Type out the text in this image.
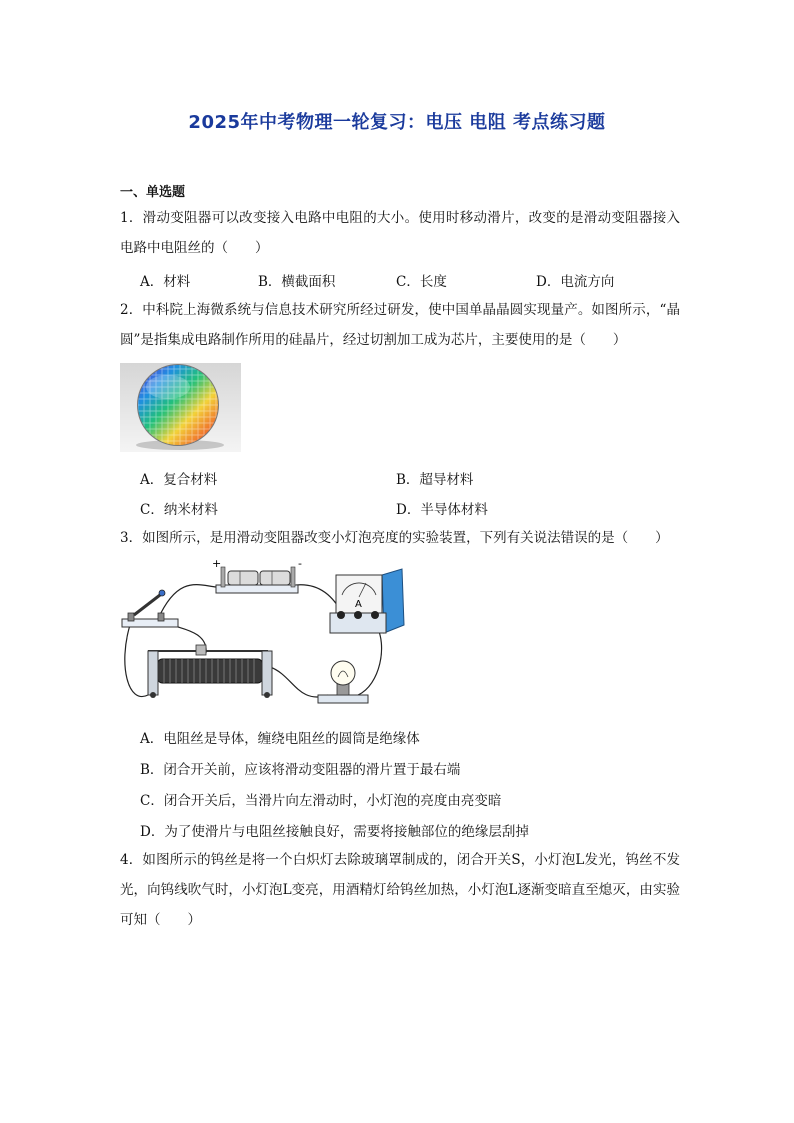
2025年中考物理一轮复习：电压 电阻 考点练习题
一、单选题
1．滑动变阻器可以改变接入电路中电阻的大小。使用时移动滑片，改变的是滑动变阻器接入电路中电阻丝的（　　）
A．材料	B．横截面积	C．长度	D．电流方向
2．中科院上海微系统与信息技术研究所经过研发，使中国单晶晶圆实现量产。如图所示，“晶圆”是指集成电路制作所用的硅晶片，经过切割加工成为芯片，主要使用的是（　　）
A．复合材料	B．超导材料
C．纳米材料	D．半导体材料
3．如图所示，是用滑动变阻器改变小灯泡亮度的实验装置，下列有关说法错误的是（　　）
+	-
A
A．电阻丝是导体，缠绕电阻丝的圆筒是绝缘体
B．闭合开关前，应该将滑动变阻器的滑片置于最右端
C．闭合开关后，当滑片向左滑动时，小灯泡的亮度由亮变暗
D．为了使滑片与电阻丝接触良好，需要将接触部位的绝缘层刮掉
4．如图所示的钨丝是将一个白炽灯去除玻璃罩制成的，闭合开关S，小灯泡L发光，钨丝不发光，向钨线吹气时，小灯泡L变亮，用酒精灯给钨丝加热，小灯泡L逐渐变暗直至熄灭，由实验可知（　　）
